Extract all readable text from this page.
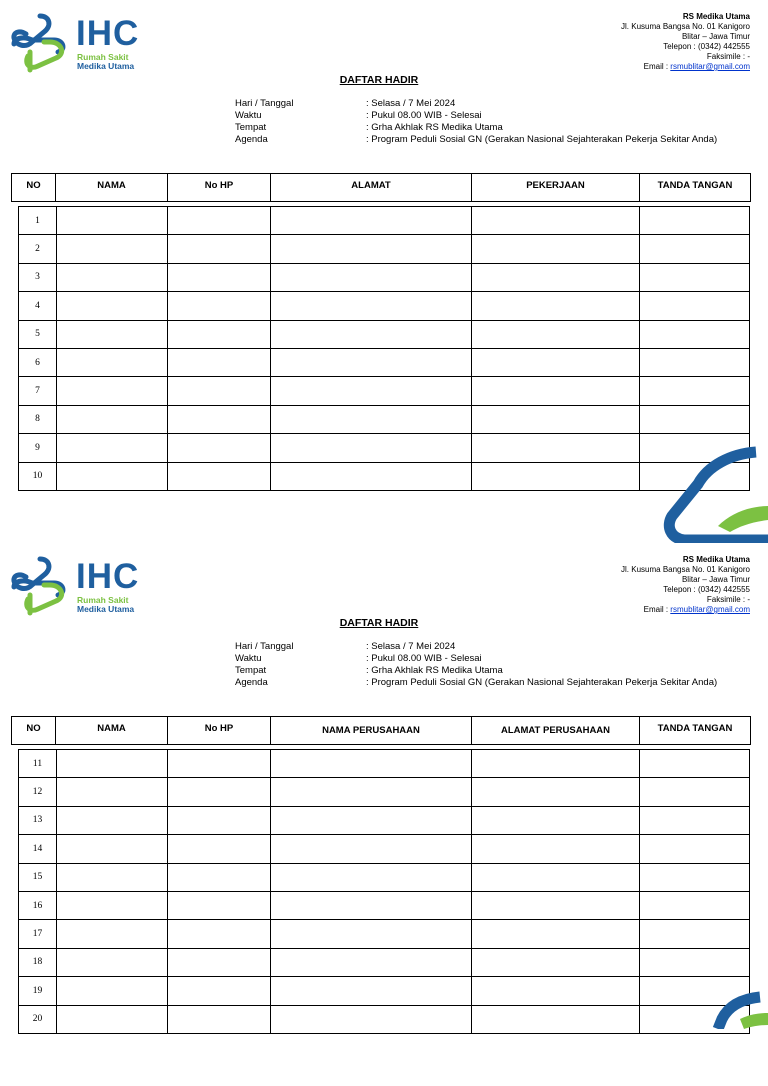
IHC
Rumah Sakit
Medika Utama
RS Medika Utama
Jl. Kusuma Bangsa No. 01 Kanigoro
Blitar – Jawa Timur
Telepon : (0342) 442555
Faksimile : -
Email : rsmublitar@gmail.com
DAFTAR HADIR
Hari / Tanggal	: Selasa / 7 Mei 2024
Waktu	: Pukul 08.00 WIB - Selesai
Tempat	: Grha Akhlak RS Medika Utama
Agenda	: Program Peduli Sosial GN (Gerakan Nasional Sejahterakan Pekerja Sekitar Anda)
NO	NAMA	No HP	ALAMAT	PEKERJAAN	TANDA TANGAN
1					
2					
3					
4					
5					
6					
7					
8					
9					
10					
IHC
Rumah Sakit
Medika Utama
RS Medika Utama
Jl. Kusuma Bangsa No. 01 Kanigoro
Blitar – Jawa Timur
Telepon : (0342) 442555
Faksimile : -
Email : rsmublitar@gmail.com
DAFTAR HADIR
Hari / Tanggal	: Selasa / 7 Mei 2024
Waktu	: Pukul 08.00 WIB - Selesai
Tempat	: Grha Akhlak RS Medika Utama
Agenda	: Program Peduli Sosial GN (Gerakan Nasional Sejahterakan Pekerja Sekitar Anda)
NO	NAMA	No HP	NAMA PERUSAHAAN	ALAMAT PERUSAHAAN	TANDA TANGAN
11					
12					
13					
14					
15					
16					
17					
18					
19					
20					
